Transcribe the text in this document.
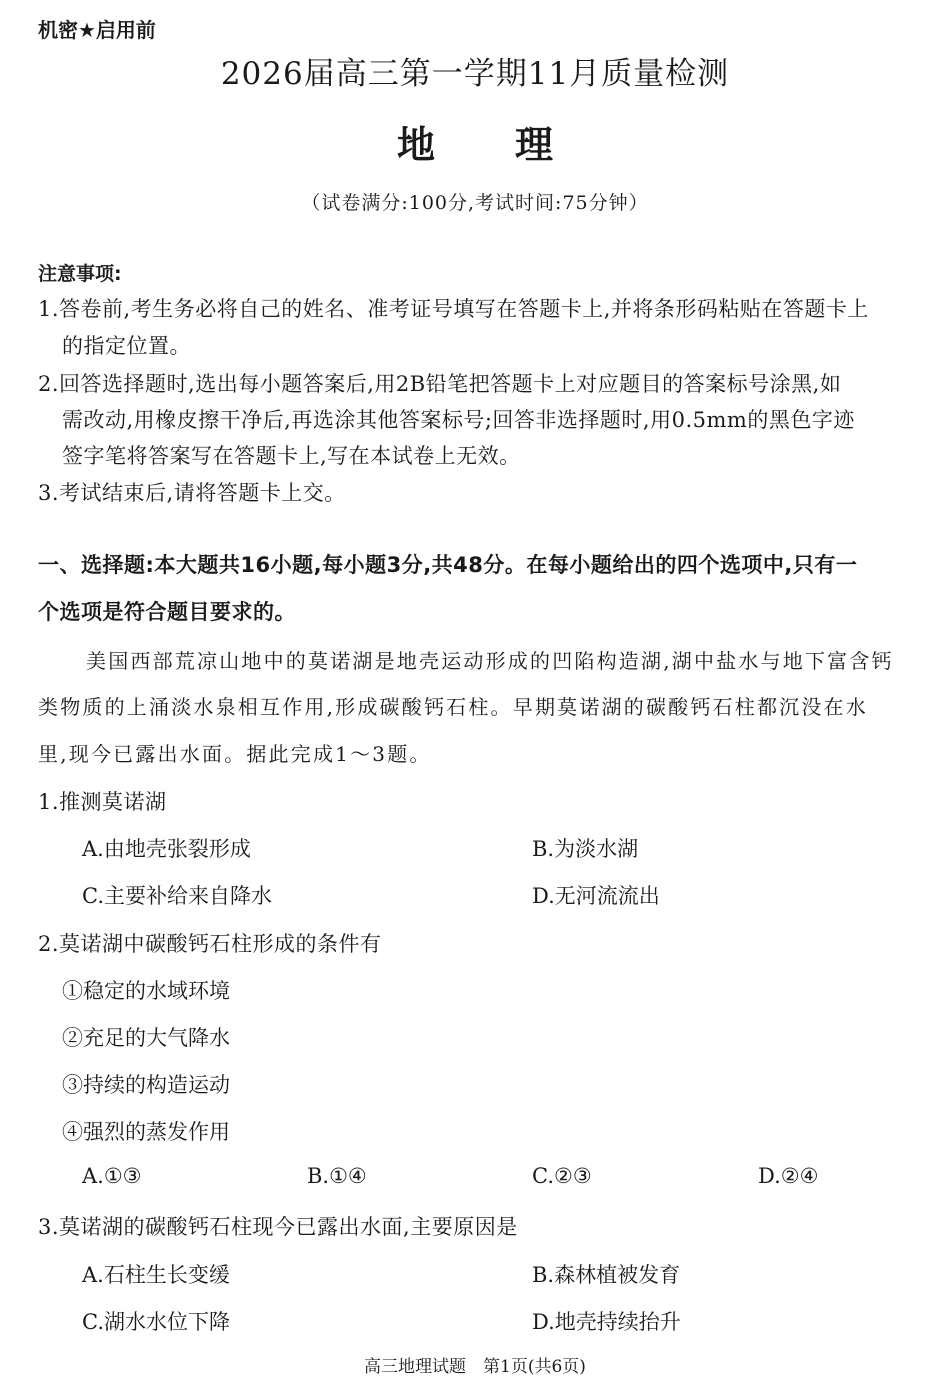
机密★启用前
2026届高三第一学期11月质量检测
地理
（试卷满分:100分,考试时间:75分钟）
注意事项:
1.答卷前,考生务必将自己的姓名、准考证号填写在答题卡上,并将条形码粘贴在答题卡上
的指定位置。
2.回答选择题时,选出每小题答案后,用2B铅笔把答题卡上对应题目的答案标号涂黑,如
需改动,用橡皮擦干净后,再选涂其他答案标号;回答非选择题时,用0.5mm的黑色字迹
签字笔将答案写在答题卡上,写在本试卷上无效。
3.考试结束后,请将答题卡上交。
一、选择题:本大题共16小题,每小题3分,共48分。在每小题给出的四个选项中,只有一
个选项是符合题目要求的。
美国西部荒凉山地中的莫诺湖是地壳运动形成的凹陷构造湖,湖中盐水与地下富含钙
类物质的上涌淡水泉相互作用,形成碳酸钙石柱。早期莫诺湖的碳酸钙石柱都沉没在水
里,现今已露出水面。据此完成1～3题。
1.推测莫诺湖
A.由地壳张裂形成	B.为淡水湖
C.主要补给来自降水	D.无河流流出
2.莫诺湖中碳酸钙石柱形成的条件有
①稳定的水域环境
②充足的大气降水
③持续的构造运动
④强烈的蒸发作用
A.①③	B.①④	C.②③	D.②④
3.莫诺湖的碳酸钙石柱现今已露出水面,主要原因是
A.石柱生长变缓	B.森林植被发育
C.湖水水位下降	D.地壳持续抬升
高三地理试题　第1页(共6页)
